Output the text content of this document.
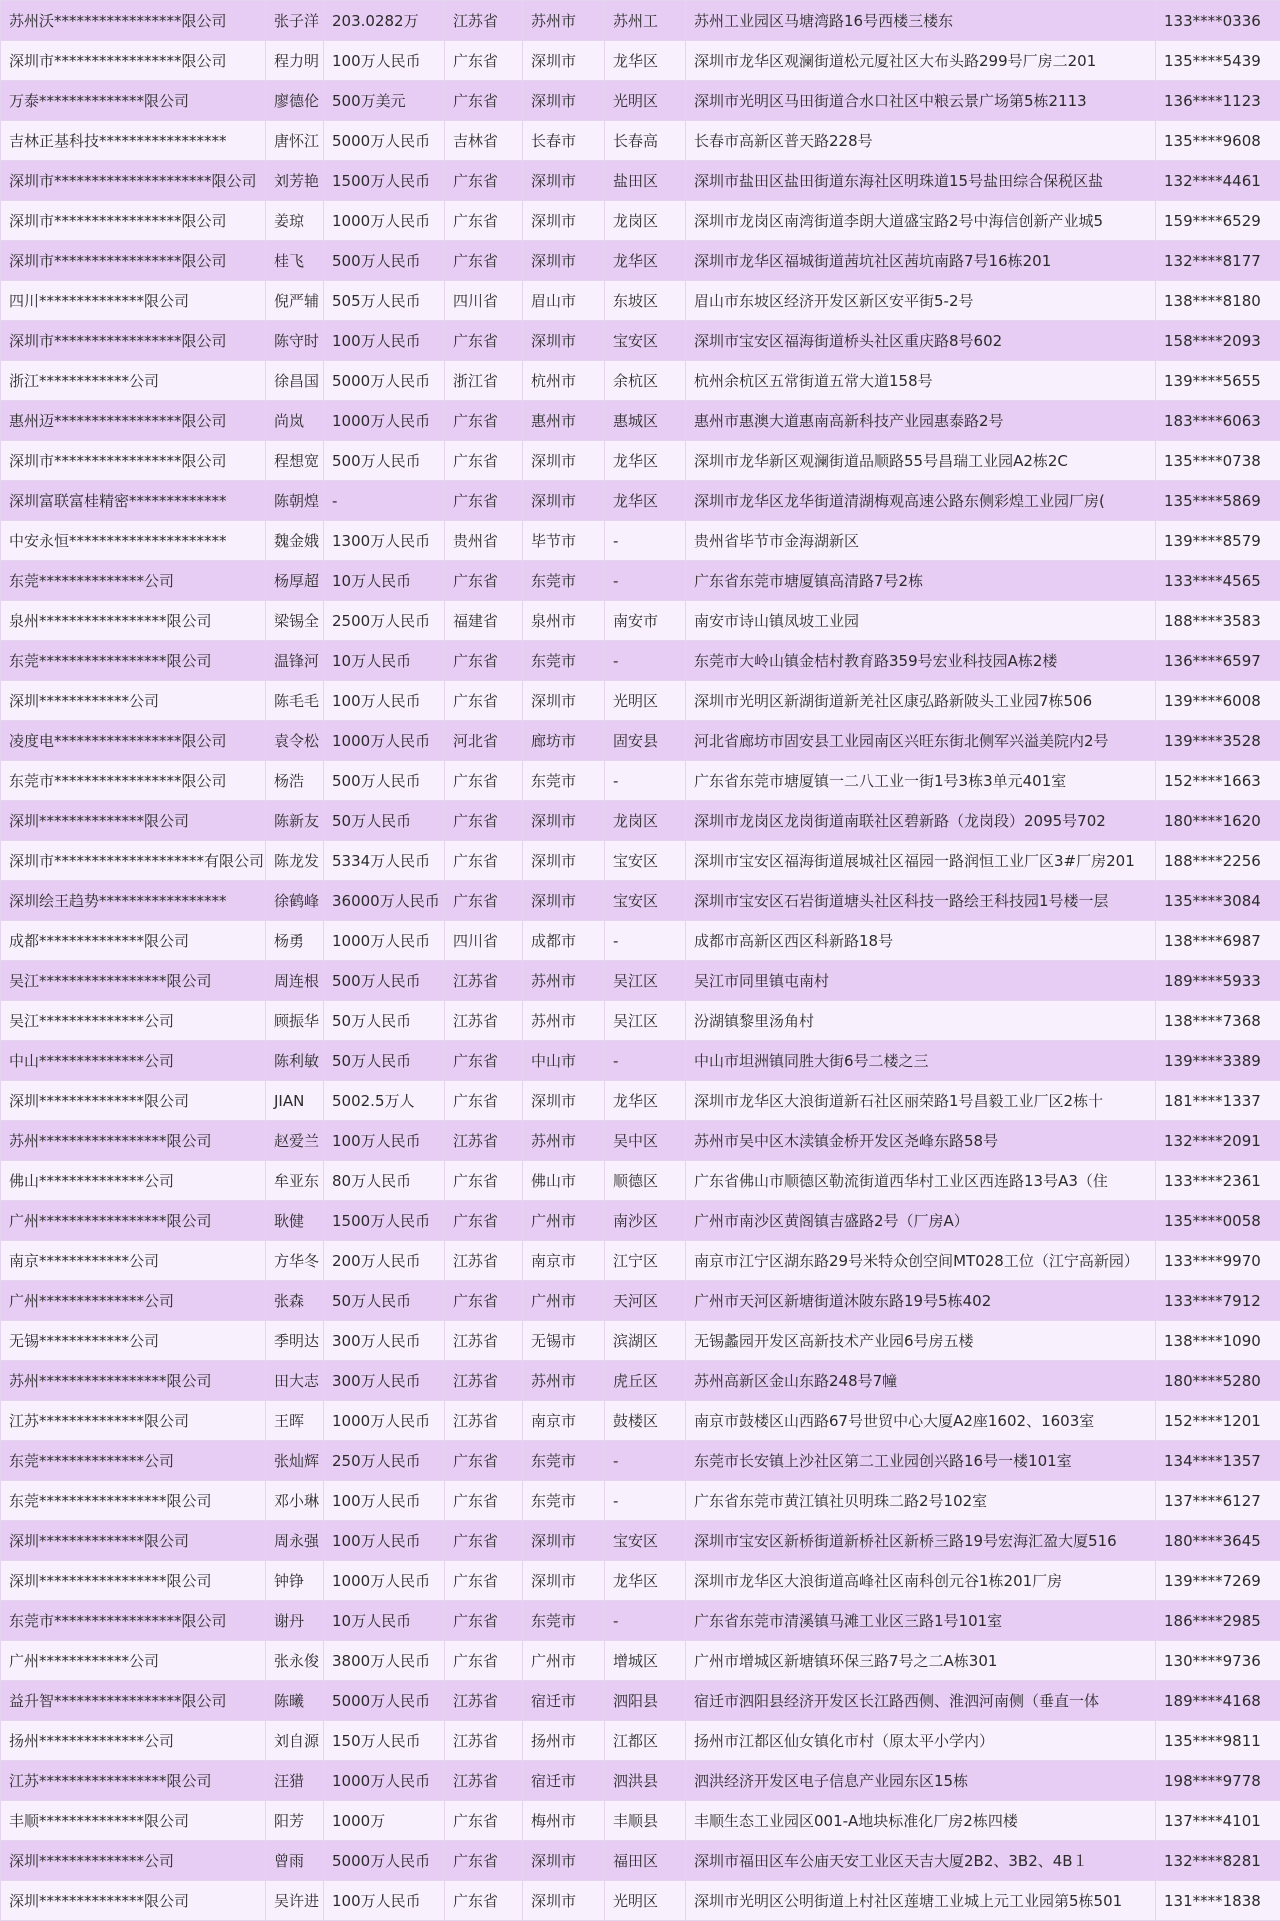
苏州沃*****************限公司	张子洋	203.0282万	江苏省	苏州市	苏州工	苏州工业园区马塘湾路16号西楼三楼东	133****0336
深圳市*****************限公司	程力明	100万人民币	广东省	深圳市	龙华区	深圳市龙华区观澜街道松元厦社区大布头路299号厂房二201	135****5439
万泰**************限公司	廖德伦	500万美元	广东省	深圳市	光明区	深圳市光明区马田街道合水口社区中粮云景广场第5栋2113	136****1123
吉林正基科技*****************	唐怀江	5000万人民币	吉林省	长春市	长春高	长春市高新区普天路228号	135****9608
深圳市*********************限公司	刘芳艳	1500万人民币	广东省	深圳市	盐田区	深圳市盐田区盐田街道东海社区明珠道15号盐田综合保税区盐	132****4461
深圳市*****************限公司	姜琼	1000万人民币	广东省	深圳市	龙岗区	深圳市龙岗区南湾街道李朗大道盛宝路2号中海信创新产业城5	159****6529
深圳市*****************限公司	桂飞	500万人民币	广东省	深圳市	龙华区	深圳市龙华区福城街道茜坑社区茜坑南路7号16栋201	132****8177
四川**************限公司	倪严辅	505万人民币	四川省	眉山市	东坡区	眉山市东坡区经济开发区新区安平街5-2号	138****8180
深圳市*****************限公司	陈守时	100万人民币	广东省	深圳市	宝安区	深圳市宝安区福海街道桥头社区重庆路8号602	158****2093
浙江************公司	徐昌国	5000万人民币	浙江省	杭州市	余杭区	杭州余杭区五常街道五常大道158号	139****5655
惠州迈*****************限公司	尚岚	1000万人民币	广东省	惠州市	惠城区	惠州市惠澳大道惠南高新科技产业园惠泰路2号	183****6063
深圳市*****************限公司	程想宽	500万人民币	广东省	深圳市	龙华区	深圳市龙华新区观澜街道品顺路55号昌瑞工业园A2栋2C	135****0738
深圳富联富桂精密*************	陈朝煌	-	广东省	深圳市	龙华区	深圳市龙华区龙华街道清湖梅观高速公路东侧彩煌工业园厂房(	135****5869
中安永恒*********************	魏金娥	1300万人民币	贵州省	毕节市	-	贵州省毕节市金海湖新区	139****8579
东莞**************公司	杨厚超	10万人民币	广东省	东莞市	-	广东省东莞市塘厦镇高清路7号2栋	133****4565
泉州*****************限公司	梁锡全	2500万人民币	福建省	泉州市	南安市	南安市诗山镇凤坡工业园	188****3583
东莞*****************限公司	温锋河	10万人民币	广东省	东莞市	-	东莞市大岭山镇金桔村教育路359号宏业科技园A栋2楼	136****6597
深圳************公司	陈毛毛	100万人民币	广东省	深圳市	光明区	深圳市光明区新湖街道新羌社区康弘路新陂头工业园7栋506	139****6008
凌度电*****************限公司	袁令松	1000万人民币	河北省	廊坊市	固安县	河北省廊坊市固安县工业园南区兴旺东街北侧军兴溢美院内2号	139****3528
东莞市*****************限公司	杨浩	500万人民币	广东省	东莞市	-	广东省东莞市塘厦镇一二八工业一街1号3栋3单元401室	152****1663
深圳**************限公司	陈新友	50万人民币	广东省	深圳市	龙岗区	深圳市龙岗区龙岗街道南联社区碧新路（龙岗段）2095号702	180****1620
深圳市********************有限公司	陈龙发	5334万人民币	广东省	深圳市	宝安区	深圳市宝安区福海街道展城社区福园一路润恒工业厂区3#厂房201	188****2256
深圳绘王趋势*****************	徐鹤峰	36000万人民币	广东省	深圳市	宝安区	深圳市宝安区石岩街道塘头社区科技一路绘王科技园1号楼一层	135****3084
成都**************限公司	杨勇	1000万人民币	四川省	成都市	-	成都市高新区西区科新路18号	138****6987
吴江*****************限公司	周连根	500万人民币	江苏省	苏州市	吴江区	吴江市同里镇屯南村	189****5933
吴江**************公司	顾振华	50万人民币	江苏省	苏州市	吴江区	汾湖镇黎里汤角村	138****7368
中山**************公司	陈利敏	50万人民币	广东省	中山市	-	中山市坦洲镇同胜大街6号二楼之三	139****3389
深圳**************限公司	JIAN	5002.5万人	广东省	深圳市	龙华区	深圳市龙华区大浪街道新石社区丽荣路1号昌毅工业厂区2栋十	181****1337
苏州*****************限公司	赵爱兰	100万人民币	江苏省	苏州市	吴中区	苏州市吴中区木渎镇金桥开发区尧峰东路58号	132****2091
佛山**************公司	牟亚东	80万人民币	广东省	佛山市	顺德区	广东省佛山市顺德区勒流街道西华村工业区西连路13号A3（住	133****2361
广州*****************限公司	耿健	1500万人民币	广东省	广州市	南沙区	广州市南沙区黄阁镇吉盛路2号（厂房A）	135****0058
南京************公司	方华冬	200万人民币	江苏省	南京市	江宁区	南京市江宁区湖东路29号米特众创空间MT028工位（江宁高新园）	133****9970
广州**************公司	张森	50万人民币	广东省	广州市	天河区	广州市天河区新塘街道沐陂东路19号5栋402	133****7912
无锡************公司	季明达	300万人民币	江苏省	无锡市	滨湖区	无锡蠡园开发区高新技术产业园6号房五楼	138****1090
苏州*****************限公司	田大志	300万人民币	江苏省	苏州市	虎丘区	苏州高新区金山东路248号7幢	180****5280
江苏**************限公司	王晖	1000万人民币	江苏省	南京市	鼓楼区	南京市鼓楼区山西路67号世贸中心大厦A2座1602、1603室	152****1201
东莞**************公司	张灿辉	250万人民币	广东省	东莞市	-	东莞市长安镇上沙社区第二工业园创兴路16号一楼101室	134****1357
东莞*****************限公司	邓小琳	100万人民币	广东省	东莞市	-	广东省东莞市黄江镇社贝明珠二路2号102室	137****6127
深圳**************限公司	周永强	100万人民币	广东省	深圳市	宝安区	深圳市宝安区新桥街道新桥社区新桥三路19号宏海汇盈大厦516	180****3645
深圳*****************限公司	钟铮	1000万人民币	广东省	深圳市	龙华区	深圳市龙华区大浪街道高峰社区南科创元谷1栋201厂房	139****7269
东莞市*****************限公司	谢丹	10万人民币	广东省	东莞市	-	广东省东莞市清溪镇马滩工业区三路1号101室	186****2985
广州************公司	张永俊	3800万人民币	广东省	广州市	增城区	广州市增城区新塘镇环保三路7号之二A栋301	130****9736
益升智*****************限公司	陈曦	5000万人民币	江苏省	宿迁市	泗阳县	宿迁市泗阳县经济开发区长江路西侧、淮泗河南侧（垂直一体	189****4168
扬州**************公司	刘自源	150万人民币	江苏省	扬州市	江都区	扬州市江都区仙女镇化市村（原太平小学内）	135****9811
江苏*****************限公司	汪猎	1000万人民币	江苏省	宿迁市	泗洪县	泗洪经济开发区电子信息产业园东区15栋	198****9778
丰顺**************限公司	阳芳	1000万	广东省	梅州市	丰顺县	丰顺生态工业园区001-A地块标准化厂房2栋四楼	137****4101
深圳**************公司	曾雨	5000万人民币	广东省	深圳市	福田区	深圳市福田区车公庙天安工业区天吉大厦2B2、3B2、4B１	132****8281
深圳**************限公司	吴许进	100万人民币	广东省	深圳市	光明区	深圳市光明区公明街道上村社区莲塘工业城上元工业园第5栋501	131****1838
